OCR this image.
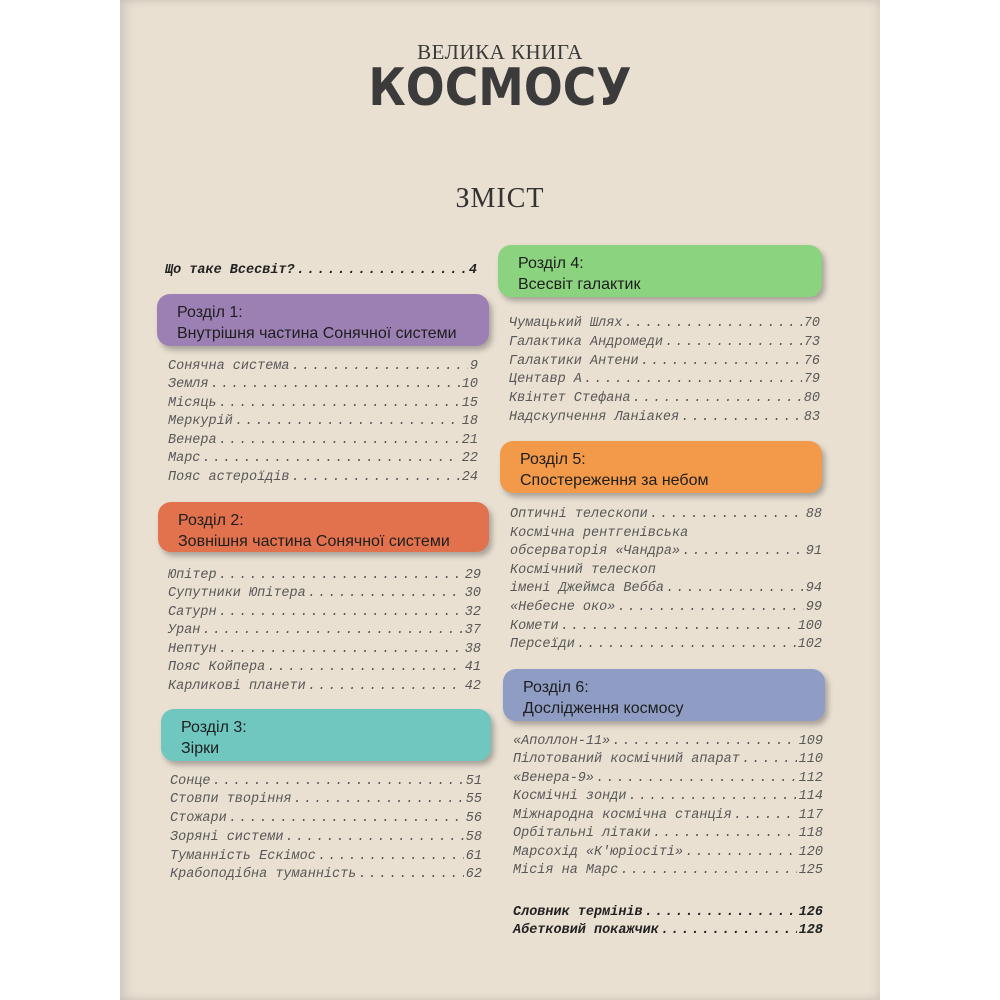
ВЕЛИКА КНИГА
КОСМОСУ
ЗМІСТ
Що таке Всесвіт? . . .	4
Розділ 1:
Внутрішня частина Сонячної системи
Сонячна система . . .	9
Земля . . .	10
Місяць . . .	15
Меркурій . . .	18
Венера . . .	21
Марс . . .	22
Пояс астероїдів . . .	24
Розділ 2:
Зовнішня частина Сонячної системи
Юпітер . . .	29
Супутники Юпітера . . .	30
Сатурн . . .	32
Уран . . .	37
Нептун . . .	38
Пояс Койпера . . .	41
Карликові планети . . .	42
Розділ 3:
Зірки
Сонце . . .	51
Стовпи творіння . . .	55
Стожари . . .	56
Зоряні системи . . .	58
Туманність Ескімос . . .	61
Крабоподібна туманність . . .	62
Розділ 4:
Всесвіт галактик
Чумацький Шлях . . .	70
Галактика Андромеди . . .	73
Галактики Антени . . .	76
Центавр А . . .	79
Квінтет Стефана . . .	80
Надскупчення Ланіакея . . .	83
Розділ 5:
Спостереження за небом
Оптичні телескопи . . .	88
Космічна рентгенівська
обсерваторія «Чандра» . . .	91
Космічний телескоп
імені Джеймса Вебба . . .	94
«Небесне око» . . .	99
Комети . . .	100
Персеїди . . .	102
Розділ 6:
Дослідження космосу
«Аполлон-11» . . .	109
Пілотований космічний апарат . . .	110
«Венера-9» . . .	112
Космічні зонди . . .	114
Міжнародна космічна станція . . .	117
Орбітальні літаки . . .	118
Марсохід «К'юріосіті» . . .	120
Місія на Марс . . .	125
Словник термінів . . .	126
Абетковий покажчик . . .	128
